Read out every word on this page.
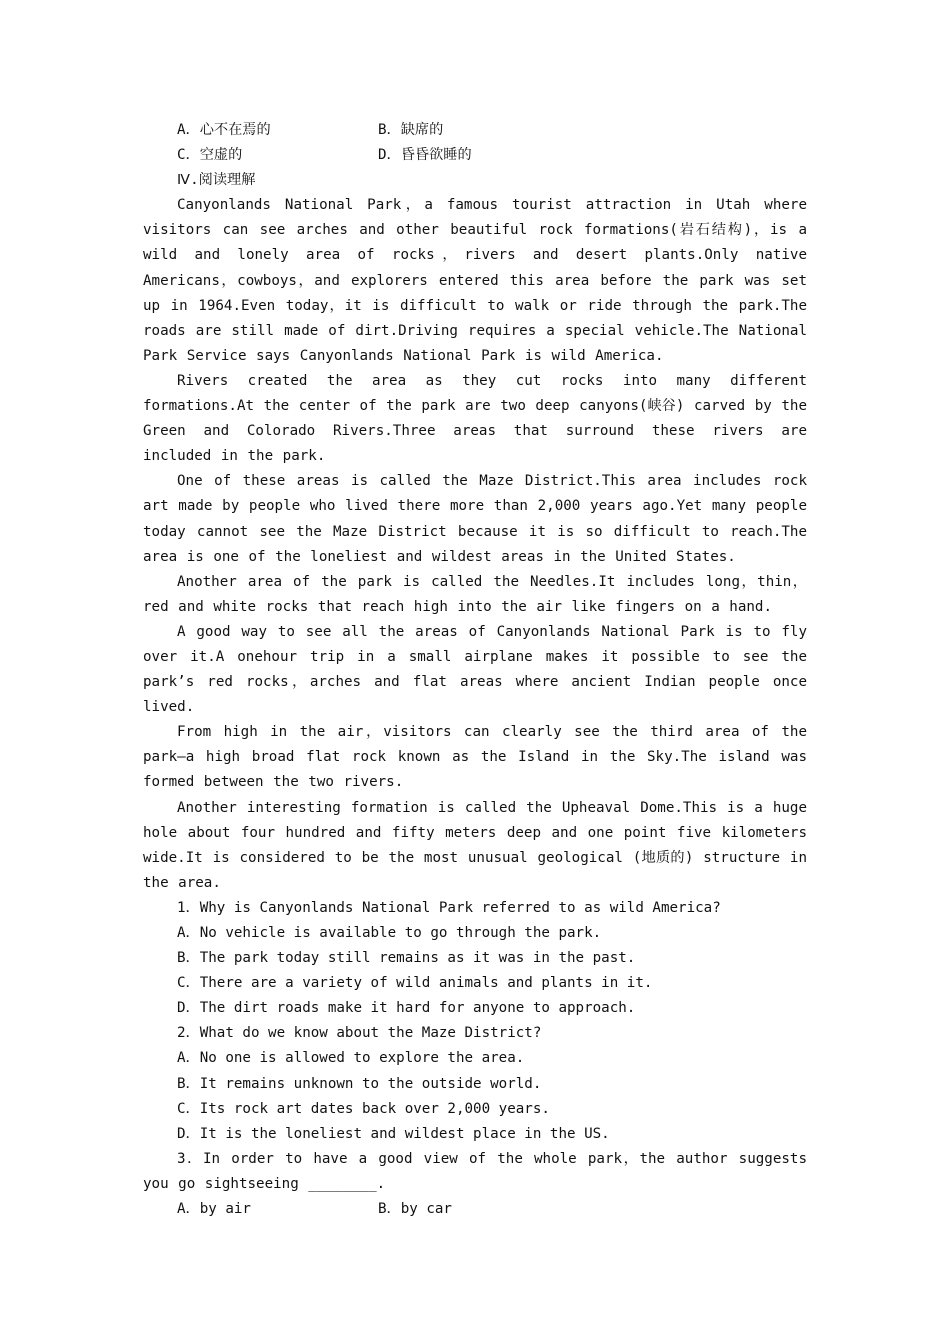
A．心不在焉的	B．缺席的
C．空虚的	D．昏昏欲睡的
Ⅳ.阅读理解
Canyonlands National Park，a famous tourist attraction in Utah where visitors can see arches and other beautiful rock formations(岩石结构)，is a wild and lonely area of rocks，rivers and desert plants.Only native Americans，cowboys，and explorers entered this area before the park was set up in 1964.Even today，it is difficult to walk or ride through the park.The roads are still made of dirt.Driving requires a special vehicle.The National Park Service says Canyonlands National Park is wild America.
Rivers created the area as they cut rocks into many different formations.At the center of the park are two deep canyons(峡谷) carved by the Green and Colorado Rivers.Three areas that surround these rivers are included in the park.
One of these areas is called the Maze District.This area includes rock art made by people who lived there more than 2,000 years ago.Yet many people today cannot see the Maze District because it is so difficult to reach.The area is one of the loneliest and wildest areas in the United States.
Another area of the park is called the Needles.It includes long，thin，red and white rocks that reach high into the air like fingers on a hand.
A good way to see all the areas of Canyonlands National Park is to fly over it.A onehour trip in a small airplane makes it possible to see the park’s red rocks，arches and flat areas where ancient Indian people once lived.
From high in the air，visitors can clearly see the third area of the park—a high broad flat rock known as the Island in the Sky.The island was formed between the two rivers.
Another interesting formation is called the Upheaval Dome.This is a huge hole about four hundred and fifty meters deep and one point five kilometers wide.It is considered to be the most unusual geological (地质的) structure in the area.
1．Why is Canyonlands National Park referred to as wild America?
A．No vehicle is available to go through the park.
B．The park today still remains as it was in the past.
C．There are a variety of wild animals and plants in it.
D．The dirt roads make it hard for anyone to approach.
2．What do we know about the Maze District?
A．No one is allowed to explore the area.
B．It remains unknown to the outside world.
C．Its rock art dates back over 2,000 years.
D．It is the loneliest and wildest place in the US.
3．In order to have a good view of the whole park，the author suggests you go sightseeing ________.
A．by air	B．by car
